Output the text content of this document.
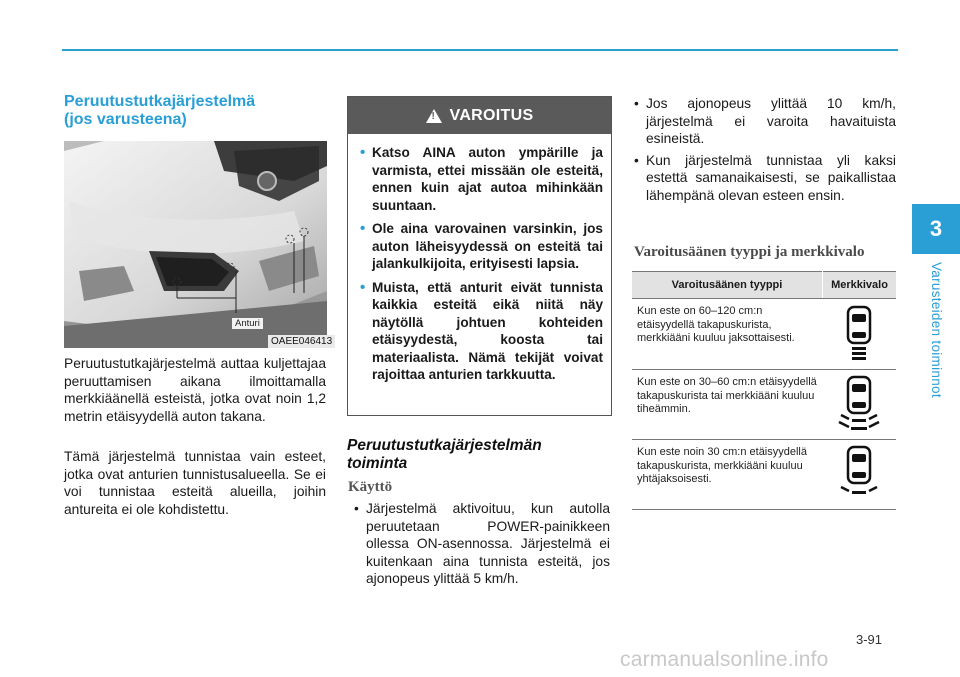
3
Varusteiden toiminnot
Peruutustutkajärjestelmä
(jos varusteena)
Anturi
OAEE046413

Peruutustutkajärjestelmä auttaa kuljettajaa peruuttamisen aikana ilmoittamalla merkkiäänellä esteistä, jotka ovat noin 1,2 metrin etäisyydellä auton takana.

Tämä järjestelmä tunnistaa vain esteet, jotka ovat anturien tunnistusalueella. Se ei voi tunnistaa esteitä alueilla, joihin antureita ei ole kohdistettu.

!
VAROITUS
• Katso AINA auton ympärille ja varmista, ettei missään ole esteitä, ennen kuin ajat autoa mihinkään suuntaan.
• Ole aina varovainen varsinkin, jos auton läheisyydessä on esteitä tai jalankulkijoita, erityisesti lapsia.
• Muista, että anturit eivät tunnista kaikkia esteitä eikä niitä näy näytöllä johtuen kohteiden etäisyydestä, koosta tai materiaalista. Nämä tekijät voivat rajoittaa anturien tarkkuutta.
Peruutustutkajärjestelmän
toiminta
Käyttö
• Järjestelmä aktivoituu, kun autolla peruutetaan POWER-painikkeen ollessa ON-asennossa. Järjestelmä ei kuitenkaan aina tunnista esteitä, jos ajonopeus ylittää 5 km/h.
• Jos ajonopeus ylittää 10 km/h, järjestelmä ei varoita havaituista esineistä.
• Kun järjestelmä tunnistaa yli kaksi estettä samanaikaisesti, se paikallistaa lähempänä olevan esteen ensin.
Varoitusäänen tyyppi ja merkkivalo
Varoitusäänen tyyppi	Merkkivalo
Kun este on 60–120 cm:n etäisyydellä takapuskurista, merkkiääni kuuluu jaksottaisesti.	
Kun este on 30–60 cm:n etäisyydellä takapuskurista tai merkkiääni kuuluu tiheämmin.	
Kun este noin 30 cm:n etäisyydellä takapuskurista, merkkiääni kuuluu yhtäjaksoisesti.	
3-91
carmanualsonline.info
